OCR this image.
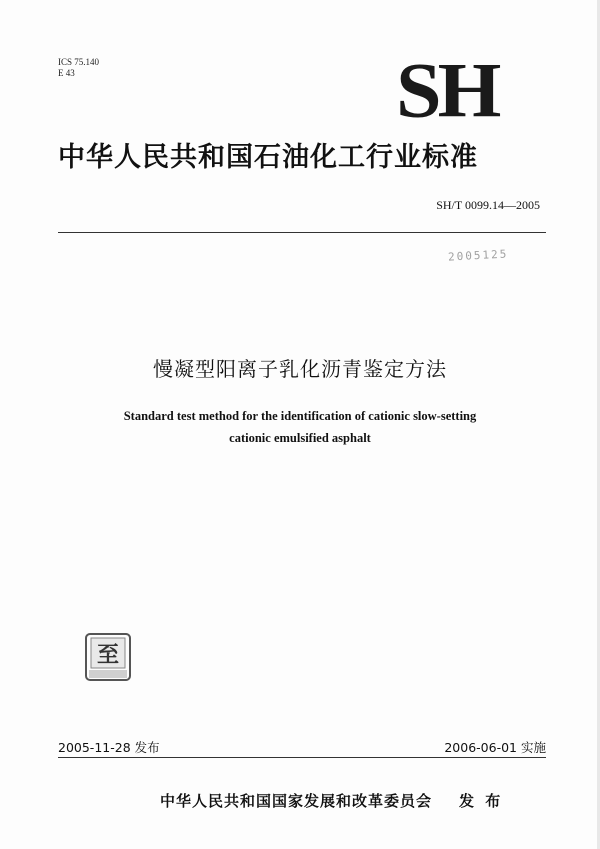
ICS 75.140
E 43	SH
中华人民共和国石油化工行业标准
SH/T 0099.14—2005
2005125
慢凝型阳离子乳化沥青鉴定方法
Standard test method for the identification of cationic slow-setting
cationic emulsified asphalt
至
2005-11-28 发布	2006-06-01 实施
中华人民共和国国家发展和改革委员会 发 布
